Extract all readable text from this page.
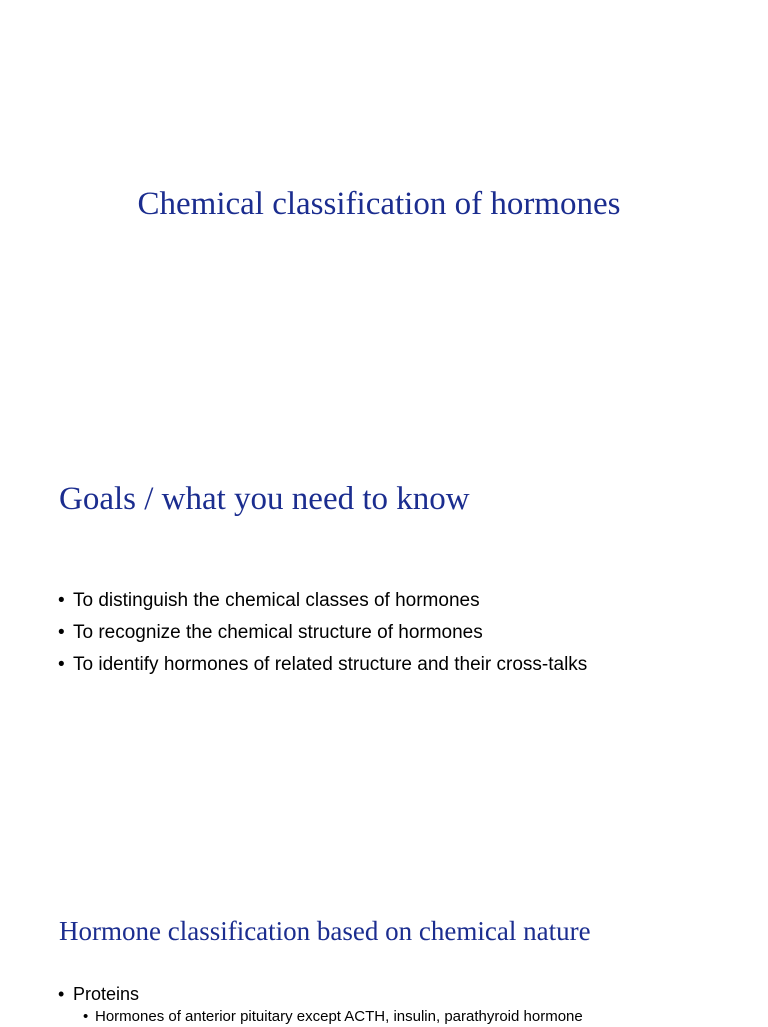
Chemical classification of hormones
Goals / what you need to know
• To distinguish the chemical classes of hormones
• To recognize the chemical structure of hormones
• To identify hormones of related structure and their cross-talks
Hormone classification based on chemical nature
• Proteins
• Hormones of anterior pituitary except ACTH, insulin, parathyroid hormone
